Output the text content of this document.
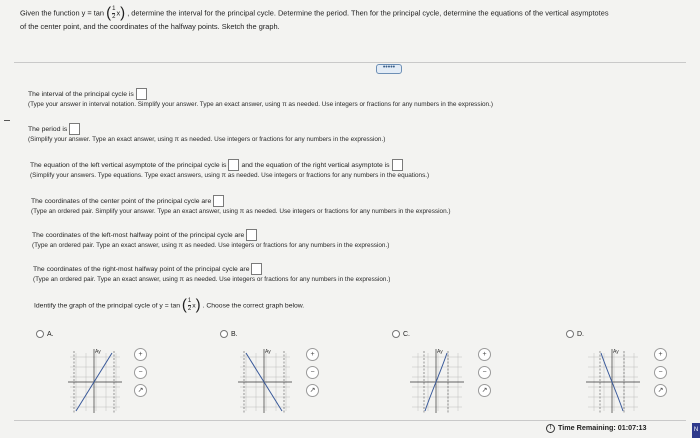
Given the function y = tan ( $\frac{1}{2} x$) , determine the interval for the principal cycle. Determine the period. Then for the principal cycle, determine the equations of the vertical asymptotes
of the center point, and the coordinates of the halfway points. Sketch the graph.
•••••
The interval of the principal cycle is
(Type your answer in interval notation. Simplify your answer. Type an exact answer, using π as needed. Use integers or fractions for any numbers in the expression.)
The period is
(Simplify your answer. Type an exact answer, using π as needed. Use integers or fractions for any numbers in the expression.)
The equation of the left vertical asymptote of the principal cycle is and the equation of the right vertical asymptote is
(Simplify your answers. Type equations. Type exact answers, using π as needed. Use integers or fractions for any numbers in the equations.)
The coordinates of the center point of the principal cycle are
(Type an ordered pair. Simplify your answer. Type an exact answer, using π as needed. Use integers or fractions for any numbers in the expression.)
The coordinates of the left-most halfway point of the principal cycle are
(Type an ordered pair. Type an exact answer, using π as needed. Use integers or fractions for any numbers in the expression.)
The coordinates of the right-most halfway point of the principal cycle are
(Type an ordered pair. Type an exact answer, using π as needed. Use integers or fractions for any numbers in the expression.)
Identify the graph of the principal cycle of y = tan ( $\frac{1}{2} x$) . Choose the correct graph below.
A.
Ay	+
−
↗
B.
Ay	+
−
↗
C.
Ay	+
−
↗
D.
Ay	+
−
↗
! Time Remaining: 01:07:13	N
